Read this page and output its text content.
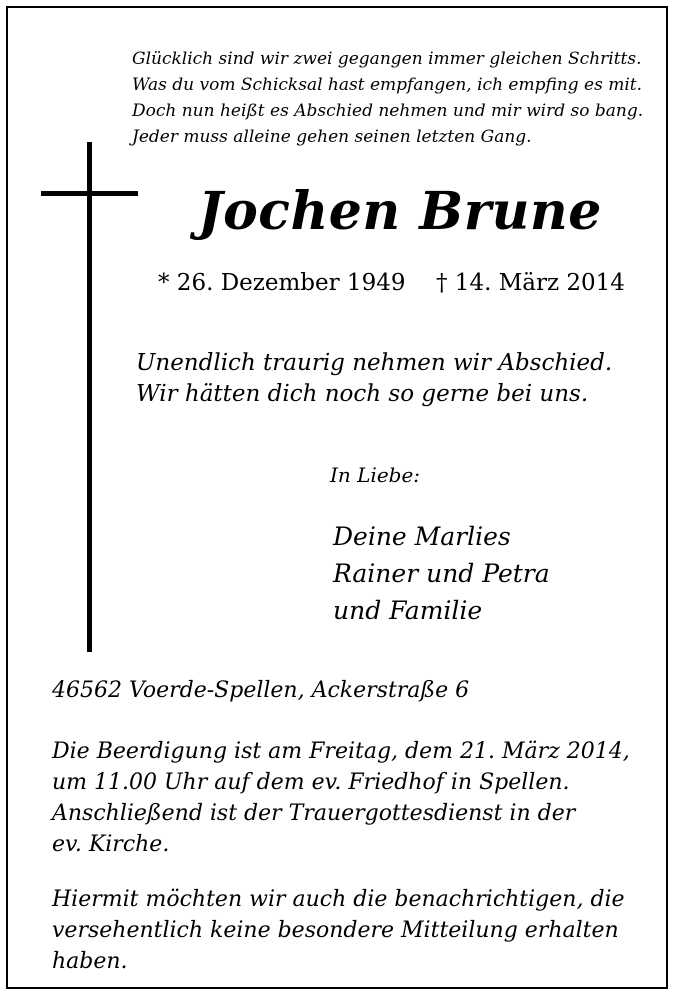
Glücklich sind wir zwei gegangen immer gleichen Schritts.
Was du vom Schicksal hast empfangen, ich empfing es mit.
Doch nun heißt es Abschied nehmen und mir wird so bang.
Jeder muss alleine gehen seinen letzten Gang.
Jochen Brune
* 26. Dezember 1949 † 14. März 2014
Unendlich traurig nehmen wir Abschied.
Wir hätten dich noch so gerne bei uns.
In Liebe:
Deine Marlies
Rainer und Petra
und Familie
46562 Voerde-Spellen, Ackerstraße 6
Die Beerdigung ist am Freitag, dem 21. März 2014,
um 11.00 Uhr auf dem ev. Friedhof in Spellen.
Anschließend ist der Trauergottesdienst in der
ev. Kirche.
Hiermit möchten wir auch die benachrichtigen, die
versehentlich keine besondere Mitteilung erhalten
haben.
